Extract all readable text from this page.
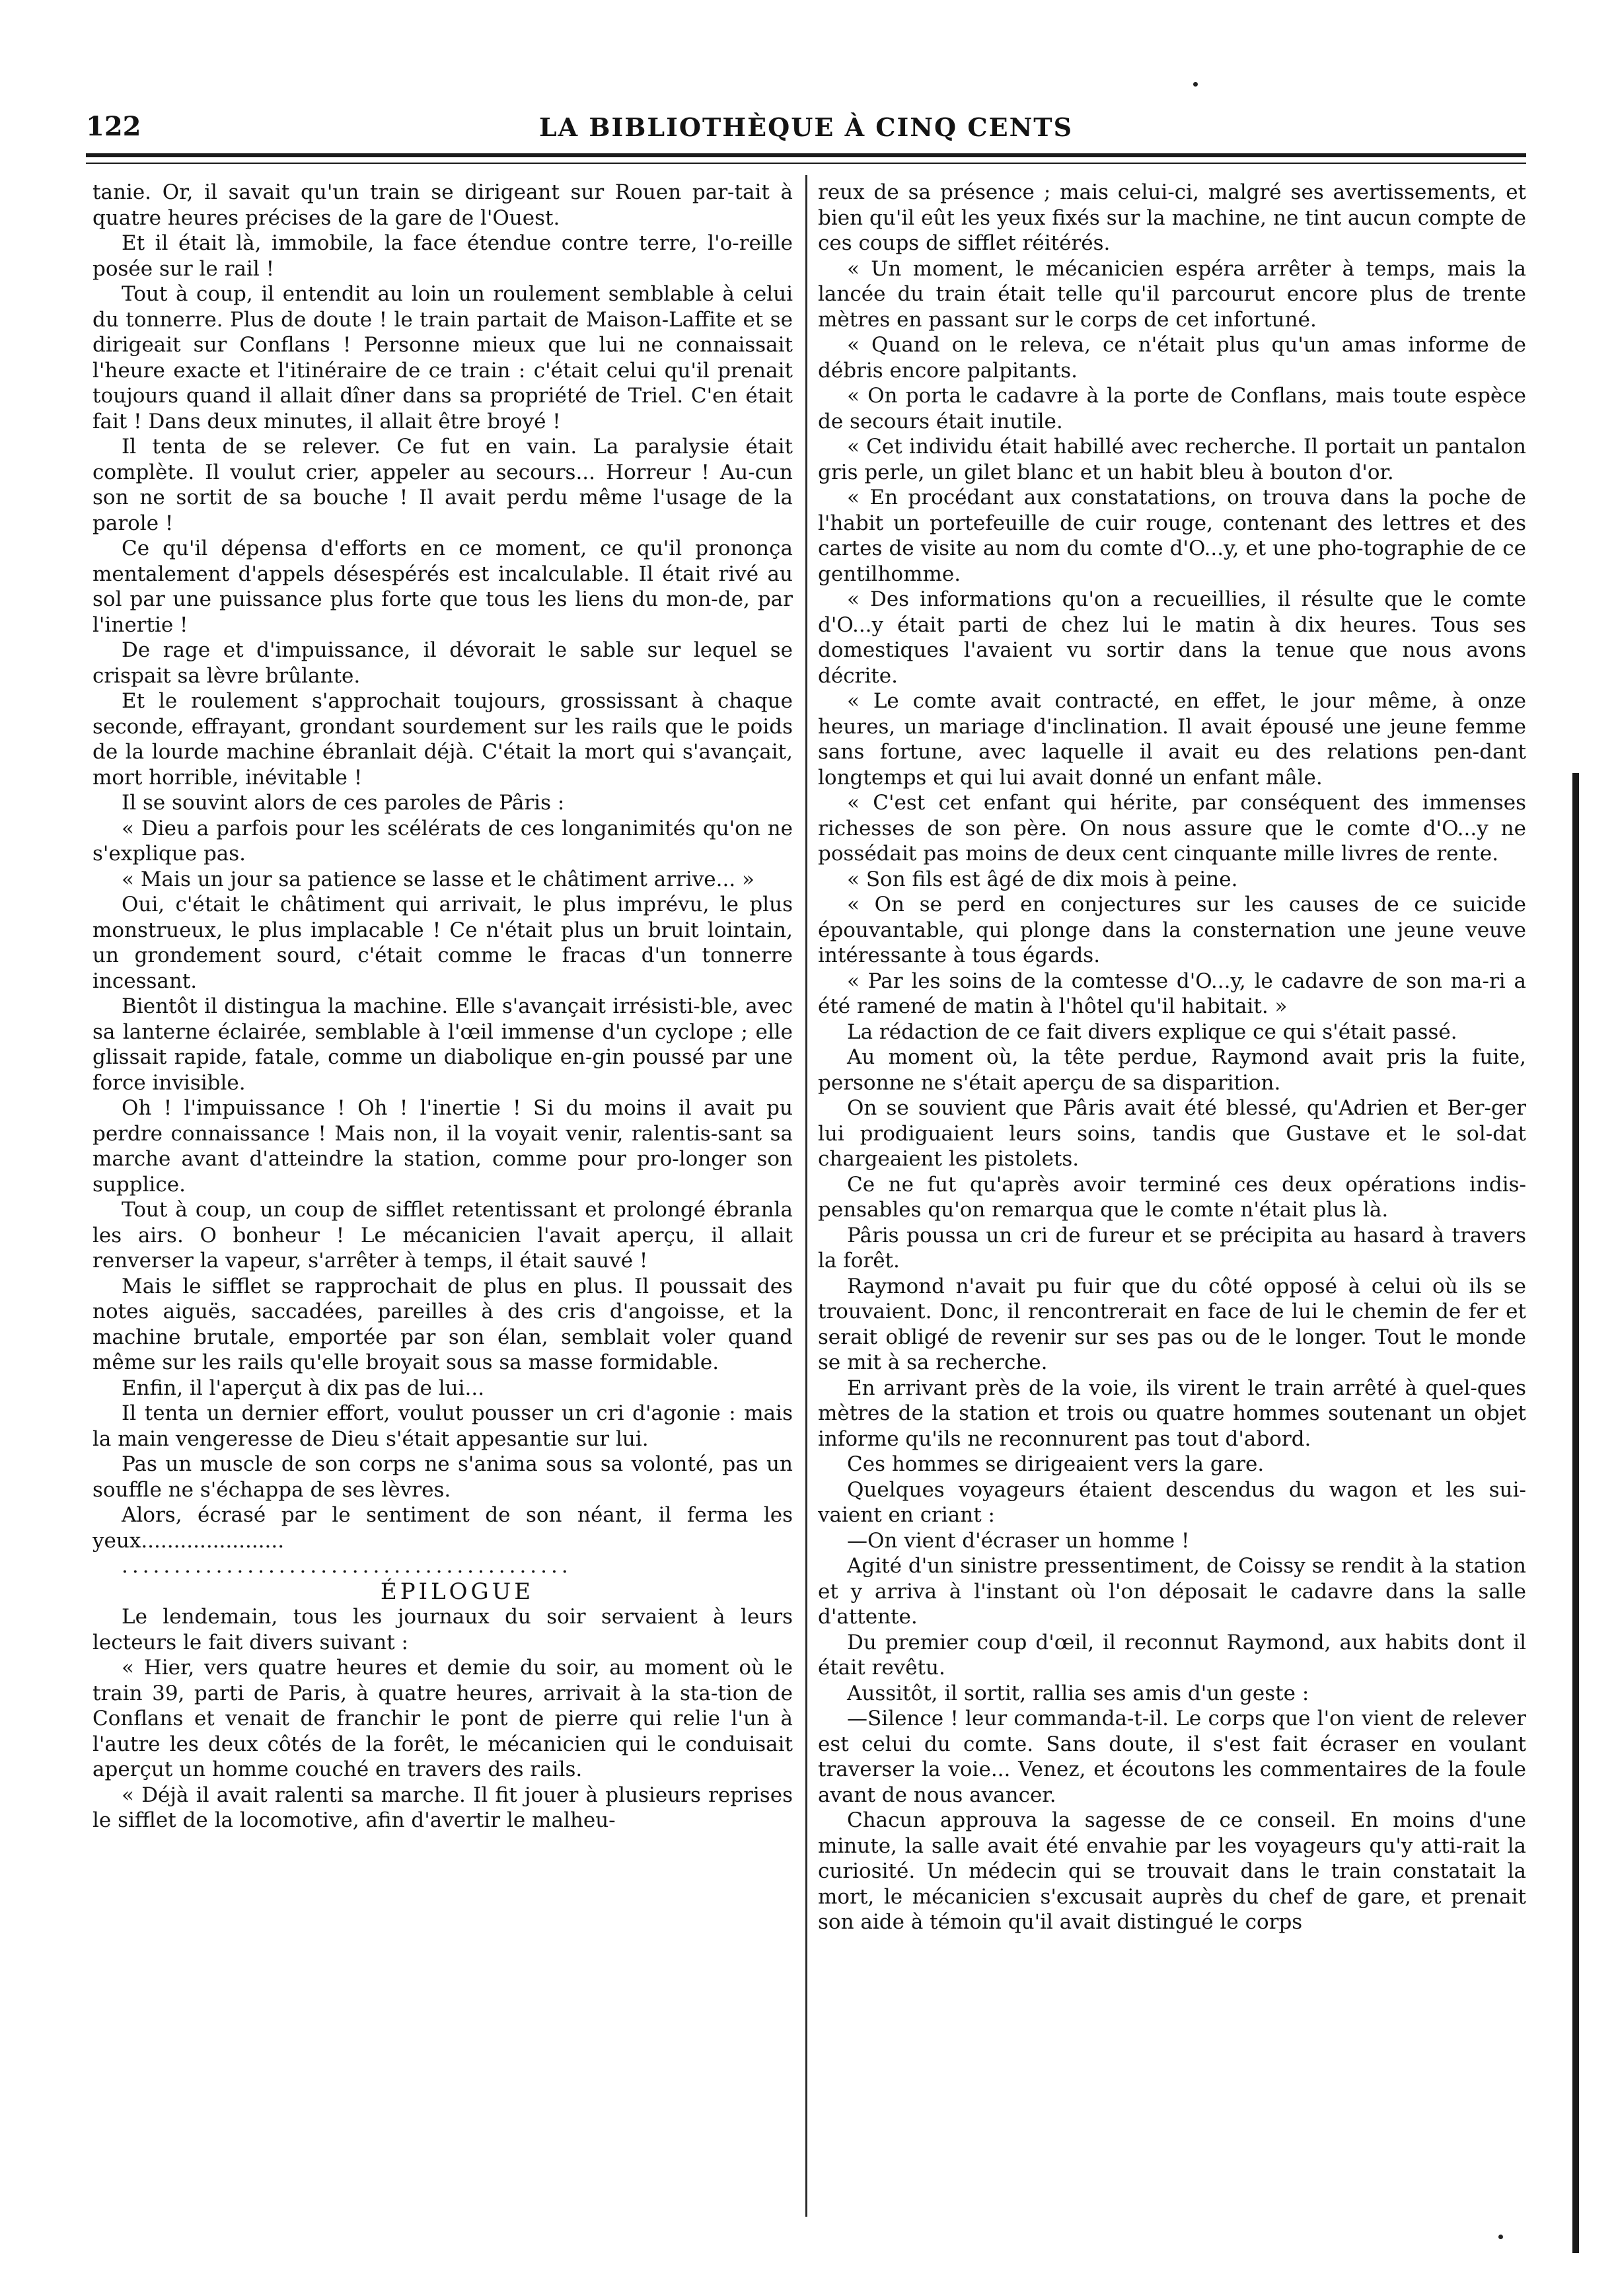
122	LA BIBLIOTHÈQUE À CINQ CENTS

tanie. Or, il savait qu'un train se dirigeant sur Rouen par-tait à quatre heures précises de la gare de l'Ouest.

Et il était là, immobile, la face étendue contre terre, l'o-reille posée sur le rail !

Tout à coup, il entendit au loin un roulement semblable à celui du tonnerre. Plus de doute ! le train partait de Maison-Laffite et se dirigeait sur Conflans ! Personne mieux que lui ne connaissait l'heure exacte et l'itinéraire de ce train : c'était celui qu'il prenait toujours quand il allait dîner dans sa propriété de Triel. C'en était fait ! Dans deux minutes, il allait être broyé !

Il tenta de se relever. Ce fut en vain. La paralysie était complète. Il voulut crier, appeler au secours... Horreur ! Au-cun son ne sortit de sa bouche ! Il avait perdu même l'usage de la parole !

Ce qu'il dépensa d'efforts en ce moment, ce qu'il prononça mentalement d'appels désespérés est incalculable. Il était rivé au sol par une puissance plus forte que tous les liens du mon-de, par l'inertie !

De rage et d'impuissance, il dévorait le sable sur lequel se crispait sa lèvre brûlante.

Et le roulement s'approchait toujours, grossissant à chaque seconde, effrayant, grondant sourdement sur les rails que le poids de la lourde machine ébranlait déjà. C'était la mort qui s'avançait, mort horrible, inévitable !

Il se souvint alors de ces paroles de Pâris :

« Dieu a parfois pour les scélérats de ces longanimités qu'on ne s'explique pas.

« Mais un jour sa patience se lasse et le châtiment arrive... »

Oui, c'était le châtiment qui arrivait, le plus imprévu, le plus monstrueux, le plus implacable ! Ce n'était plus un bruit lointain, un grondement sourd, c'était comme le fracas d'un tonnerre incessant.

Bientôt il distingua la machine. Elle s'avançait irrésisti-ble, avec sa lanterne éclairée, semblable à l'œil immense d'un cyclope ; elle glissait rapide, fatale, comme un diabolique en-gin poussé par une force invisible.

Oh ! l'impuissance ! Oh ! l'inertie ! Si du moins il avait pu perdre connaissance ! Mais non, il la voyait venir, ralentis-sant sa marche avant d'atteindre la station, comme pour pro-longer son supplice.

Tout à coup, un coup de sifflet retentissant et prolongé ébranla les airs. O bonheur ! Le mécanicien l'avait aperçu, il allait renverser la vapeur, s'arrêter à temps, il était sauvé !

Mais le sifflet se rapprochait de plus en plus. Il poussait des notes aiguës, saccadées, pareilles à des cris d'angoisse, et la machine brutale, emportée par son élan, semblait voler quand même sur les rails qu'elle broyait sous sa masse formidable.

Enfin, il l'aperçut à dix pas de lui...

Il tenta un dernier effort, voulut pousser un cri d'agonie : mais la main vengeresse de Dieu s'était appesantie sur lui.

Pas un muscle de son corps ne s'anima sous sa volonté, pas un souffle ne s'échappa de ses lèvres.

Alors, écrasé par le sentiment de son néant, il ferma les yeux......................

...........................................

ÉPILOGUE

Le lendemain, tous les journaux du soir servaient à leurs lecteurs le fait divers suivant :

« Hier, vers quatre heures et demie du soir, au moment où le train 39, parti de Paris, à quatre heures, arrivait à la sta-tion de Conflans et venait de franchir le pont de pierre qui relie l'un à l'autre les deux côtés de la forêt, le mécanicien qui le conduisait aperçut un homme couché en travers des rails.

« Déjà il avait ralenti sa marche. Il fit jouer à plusieurs reprises le sifflet de la locomotive, afin d'avertir le malheu-

reux de sa présence ; mais celui-ci, malgré ses avertissements, et bien qu'il eût les yeux fixés sur la machine, ne tint aucun compte de ces coups de sifflet réitérés.

« Un moment, le mécanicien espéra arrêter à temps, mais la lancée du train était telle qu'il parcourut encore plus de trente mètres en passant sur le corps de cet infortuné.

« Quand on le releva, ce n'était plus qu'un amas informe de débris encore palpitants.

« On porta le cadavre à la porte de Conflans, mais toute espèce de secours était inutile.

« Cet individu était habillé avec recherche. Il portait un pantalon gris perle, un gilet blanc et un habit bleu à bouton d'or.

« En procédant aux constatations, on trouva dans la poche de l'habit un portefeuille de cuir rouge, contenant des lettres et des cartes de visite au nom du comte d'O...y, et une pho-tographie de ce gentilhomme.

« Des informations qu'on a recueillies, il résulte que le comte d'O...y était parti de chez lui le matin à dix heures. Tous ses domestiques l'avaient vu sortir dans la tenue que nous avons décrite.

« Le comte avait contracté, en effet, le jour même, à onze heures, un mariage d'inclination. Il avait épousé une jeune femme sans fortune, avec laquelle il avait eu des relations pen-dant longtemps et qui lui avait donné un enfant mâle.

« C'est cet enfant qui hérite, par conséquent des immenses richesses de son père. On nous assure que le comte d'O...y ne possédait pas moins de deux cent cinquante mille livres de rente.

« Son fils est âgé de dix mois à peine.

« On se perd en conjectures sur les causes de ce suicide épouvantable, qui plonge dans la consternation une jeune veuve intéressante à tous égards.

« Par les soins de la comtesse d'O...y, le cadavre de son ma-ri a été ramené de matin à l'hôtel qu'il habitait. »

La rédaction de ce fait divers explique ce qui s'était passé.

Au moment où, la tête perdue, Raymond avait pris la fuite, personne ne s'était aperçu de sa disparition.

On se souvient que Pâris avait été blessé, qu'Adrien et Ber-ger lui prodiguaient leurs soins, tandis que Gustave et le sol-dat chargeaient les pistolets.

Ce ne fut qu'après avoir terminé ces deux opérations indis-pensables qu'on remarqua que le comte n'était plus là.

Pâris poussa un cri de fureur et se précipita au hasard à travers la forêt.

Raymond n'avait pu fuir que du côté opposé à celui où ils se trouvaient. Donc, il rencontrerait en face de lui le chemin de fer et serait obligé de revenir sur ses pas ou de le longer. Tout le monde se mit à sa recherche.

En arrivant près de la voie, ils virent le train arrêté à quel-ques mètres de la station et trois ou quatre hommes soutenant un objet informe qu'ils ne reconnurent pas tout d'abord.

Ces hommes se dirigeaient vers la gare.

Quelques voyageurs étaient descendus du wagon et les sui-vaient en criant :

—On vient d'écraser un homme !

Agité d'un sinistre pressentiment, de Coissy se rendit à la station et y arriva à l'instant où l'on déposait le cadavre dans la salle d'attente.

Du premier coup d'œil, il reconnut Raymond, aux habits dont il était revêtu.

Aussitôt, il sortit, rallia ses amis d'un geste :

—Silence ! leur commanda-t-il. Le corps que l'on vient de relever est celui du comte. Sans doute, il s'est fait écraser en voulant traverser la voie... Venez, et écoutons les commentaires de la foule avant de nous avancer.

Chacun approuva la sagesse de ce conseil. En moins d'une minute, la salle avait été envahie par les voyageurs qu'y atti-rait la curiosité. Un médecin qui se trouvait dans le train constatait la mort, le mécanicien s'excusait auprès du chef de gare, et prenait son aide à témoin qu'il avait distingué le corps
